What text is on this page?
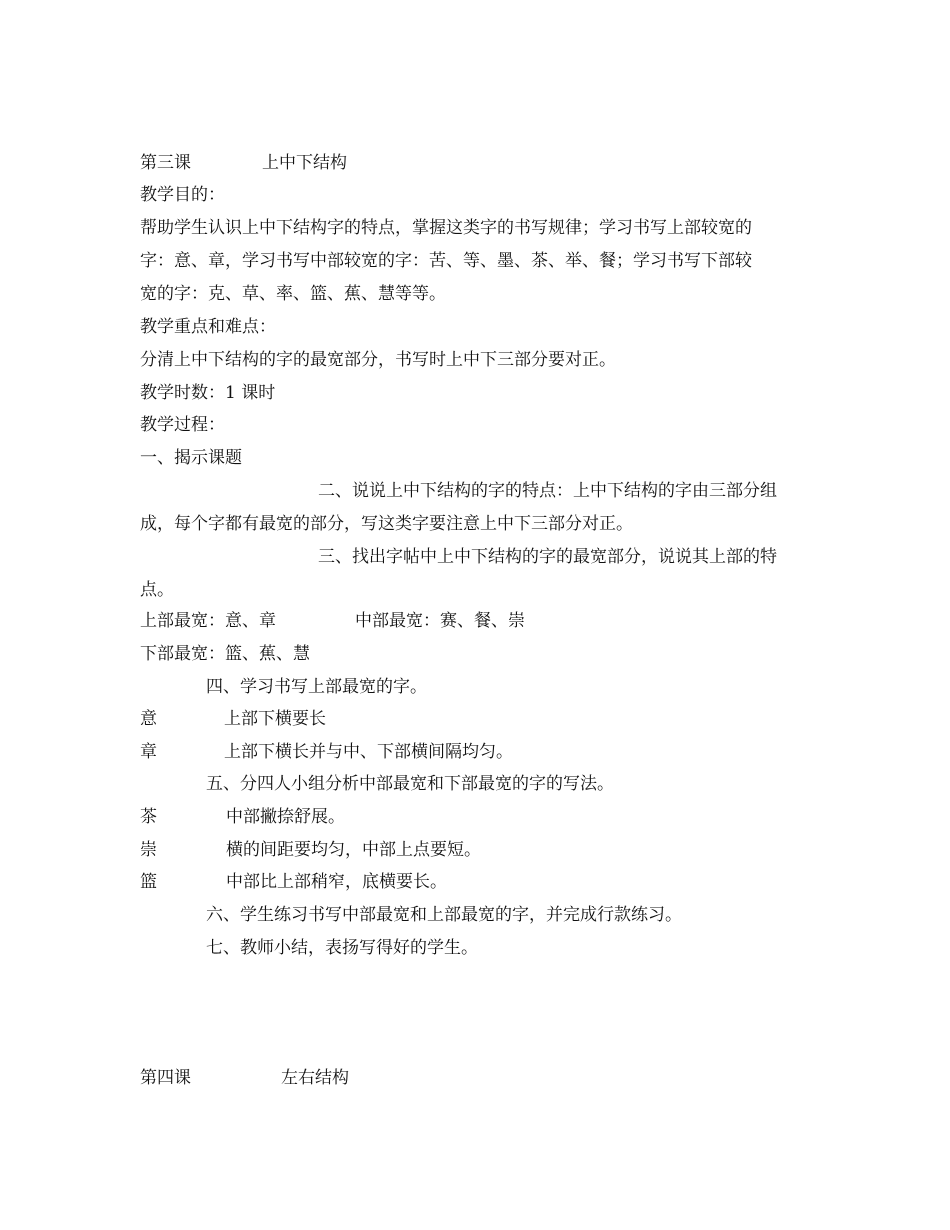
第三课	上中下结构
教学目的：
帮助学生认识上中下结构字的特点，掌握这类字的书写规律；学习书写上部较宽的
字：意、章，学习书写中部较宽的字：苦、等、墨、茶、举、餐；学习书写下部较
宽的字：克、草、率、篮、蕉、慧等等。
教学重点和难点：
分清上中下结构的字的最宽部分，书写时上中下三部分要对正。
教学时数：1 课时
教学过程：
一、揭示课题
二、说说上中下结构的字的特点：上中下结构的字由三部分组
成，每个字都有最宽的部分，写这类字要注意上中下三部分对正。
三、找出字帖中上中下结构的字的最宽部分，说说其上部的特
点。
上部最宽：意、章	中部最宽：赛、餐、崇
下部最宽：篮、蕉、慧
四、学习书写上部最宽的字。
意	上部下横要长
章	上部下横长并与中、下部横间隔均匀。
五、分四人小组分析中部最宽和下部最宽的字的写法。
茶	中部撇捺舒展。
崇	横的间距要均匀，中部上点要短。
篮	中部比上部稍窄，底横要长。
六、学生练习书写中部最宽和上部最宽的字，并完成行款练习。
七、教师小结，表扬写得好的学生。
第四课	左右结构
